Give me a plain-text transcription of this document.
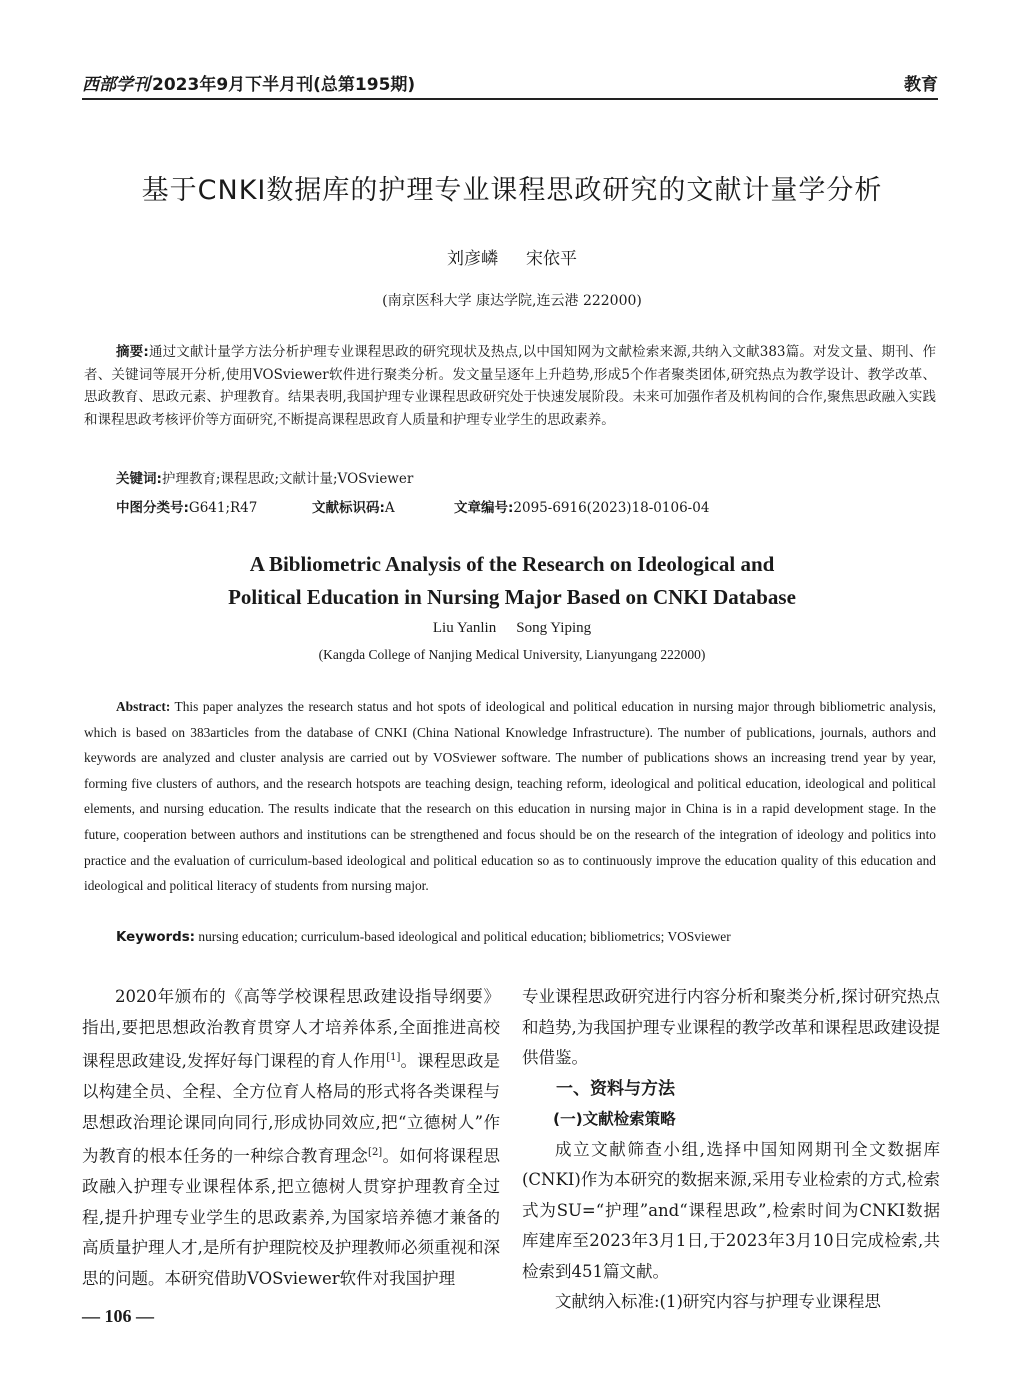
西部学刊 2023年9月下半月刊(总第195期)	教育
基于CNKI数据库的护理专业课程思政研究的文献计量学分析
刘彦嶙 宋依平
(南京医科大学 康达学院,连云港 222000)
摘要:通过文献计量学方法分析护理专业课程思政的研究现状及热点,以中国知网为文献检索来源,共纳入文献383篇。对发文量、期刊、作者、关键词等展开分析,使用VOSviewer软件进行聚类分析。发文量呈逐年上升趋势,形成5个作者聚类团体,研究热点为教学设计、教学改革、思政教育、思政元素、护理教育。结果表明,我国护理专业课程思政研究处于快速发展阶段。未来可加强作者及机构间的合作,聚焦思政融入实践和课程思政考核评价等方面研究,不断提高课程思政育人质量和护理专业学生的思政素养。
关键词:护理教育;课程思政;文献计量;VOSviewer
中图分类号:G641;R47	文献标识码:A	文章编号:2095-6916(2023)18-0106-04
A Bibliometric Analysis of the Research on Ideological and
Political Education in Nursing Major Based on CNKI Database
Liu Yanlin Song Yiping
(Kangda College of Nanjing Medical University, Lianyungang 222000)
Abstract: This paper analyzes the research status and hot spots of ideological and political education in nursing major through bibliometric analysis, which is based on 383articles from the database of CNKI (China National Knowledge Infrastructure). The number of publications, journals, authors and keywords are analyzed and cluster analysis are carried out by VOSviewer software. The number of publications shows an increasing trend year by year, forming five clusters of authors, and the research hotspots are teaching design, teaching reform, ideological and political education, ideological and political elements, and nursing education. The results indicate that the research on this education in nursing major in China is in a rapid development stage. In the future, cooperation between authors and institutions can be strengthened and focus should be on the research of the integration of ideology and politics into practice and the evaluation of curriculum-based ideological and political education so as to continuously improve the education quality of this education and ideological and political literacy of students from nursing major.
Keywords: nursing education; curriculum-based ideological and political education; bibliometrics; VOSviewer

2020年颁布的《高等学校课程思政建设指导纲要》指出,要把思想政治教育贯穿人才培养体系,全面推进高校课程思政建设,发挥好每门课程的育人作用[1]。课程思政是以构建全员、全程、全方位育人格局的形式将各类课程与思想政治理论课同向同行,形成协同效应,把“立德树人”作为教育的根本任务的一种综合教育理念[2]。如何将课程思政融入护理专业课程体系,把立德树人贯穿护理教育全过程,提升护理专业学生的思政素养,为国家培养德才兼备的高质量护理人才,是所有护理院校及护理教师必须重视和深思的问题。本研究借助VOSviewer软件对我国护理

专业课程思政研究进行内容分析和聚类分析,探讨研究热点和趋势,为我国护理专业课程的教学改革和课程思政建设提供借鉴。

一、资料与方法
(一)文献检索策略

成立文献筛查小组,选择中国知网期刊全文数据库(CNKI)作为本研究的数据来源,采用专业检索的方式,检索式为SU=“护理”and“课程思政”,检索时间为CNKI数据库建库至2023年3月1日,于2023年3月10日完成检索,共检索到451篇文献。

文献纳入标准:(1)研究内容与护理专业课程思

— 106 —
